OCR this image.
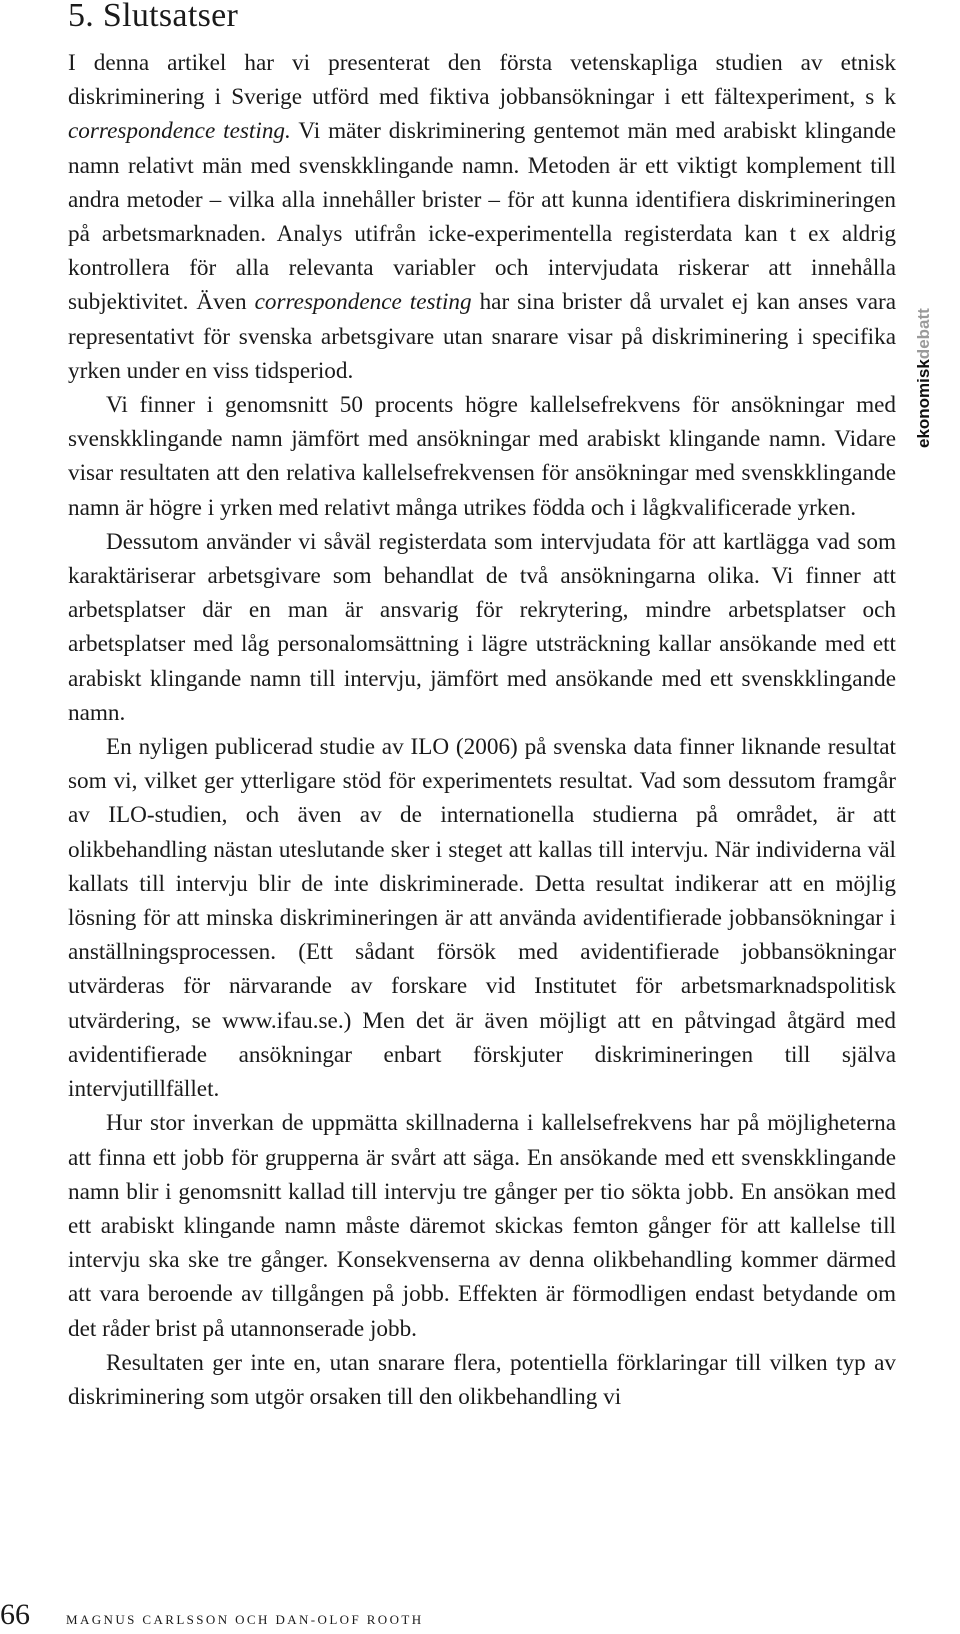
5. Slutsatser

I denna artikel har vi presenterat den första vetenskapliga studien av etnisk diskriminering i Sverige utförd med fiktiva jobbansökningar i ett fältexperiment, s k correspondence testing. Vi mäter diskriminering gentemot män med arabiskt klingande namn relativt män med svenskklingande namn. Metoden är ett viktigt komplement till andra metoder – vilka alla innehåller brister – för att kunna identifiera diskrimineringen på arbetsmarknaden. Analys utifrån icke-experimentella registerdata kan t ex aldrig kontrollera för alla relevanta variabler och intervjudata riskerar att innehålla subjektivitet. Även correspondence testing har sina brister då urvalet ej kan anses vara representativt för svenska arbetsgivare utan snarare visar på diskriminering i specifika yrken under en viss tidsperiod.

Vi finner i genomsnitt 50 procents högre kallelsefrekvens för ansökningar med svenskklingande namn jämfört med ansökningar med arabiskt klingande namn. Vidare visar resultaten att den relativa kallelsefrekvensen för ansökningar med svenskklingande namn är högre i yrken med relativt många utrikes födda och i lågkvalificerade yrken.

Dessutom använder vi såväl registerdata som intervjudata för att kartlägga vad som karaktäriserar arbetsgivare som behandlat de två ansökningarna olika. Vi finner att arbetsplatser där en man är ansvarig för rekrytering, mindre arbetsplatser och arbetsplatser med låg personalomsättning i lägre utsträckning kallar ansökande med ett arabiskt klingande namn till intervju, jämfört med ansökande med ett svenskklingande namn.

En nyligen publicerad studie av ILO (2006) på svenska data finner liknande resultat som vi, vilket ger ytterligare stöd för experimentets resultat. Vad som dessutom framgår av ILO-studien, och även av de internationella studierna på området, är att olikbehandling nästan uteslutande sker i steget att kallas till intervju. När individerna väl kallats till intervju blir de inte diskriminerade. Detta resultat indikerar att en möjlig lösning för att minska diskrimineringen är att använda avidentifierade jobbansökningar i anställningsprocessen. (Ett sådant försök med avidentifierade jobbansökningar utvärderas för närvarande av forskare vid Institutet för arbetsmarknadspolitisk utvärdering, se www.ifau.se.) Men det är även möjligt att en påtvingad åtgärd med avidentifierade ansökningar enbart förskjuter diskrimineringen till själva intervjutillfället.

Hur stor inverkan de uppmätta skillnaderna i kallelsefrekvens har på möjligheterna att finna ett jobb för grupperna är svårt att säga. En ansökande med ett svenskklingande namn blir i genomsnitt kallad till intervju tre gånger per tio sökta jobb. En ansökan med ett arabiskt klingande namn måste däremot skickas femton gånger för att kallelse till intervju ska ske tre gånger. Konsekvenserna av denna olikbehandling kommer därmed att vara beroende av tillgången på jobb. Effekten är förmodligen endast betydande om det råder brist på utannonserade jobb.

Resultaten ger inte en, utan snarare flera, potentiella förklaringar till vilken typ av diskriminering som utgör orsaken till den olikbehandling vi

ekonomiskdebatt
66	MAGNUS CARLSSON OCH DAN-OLOF ROOTH
